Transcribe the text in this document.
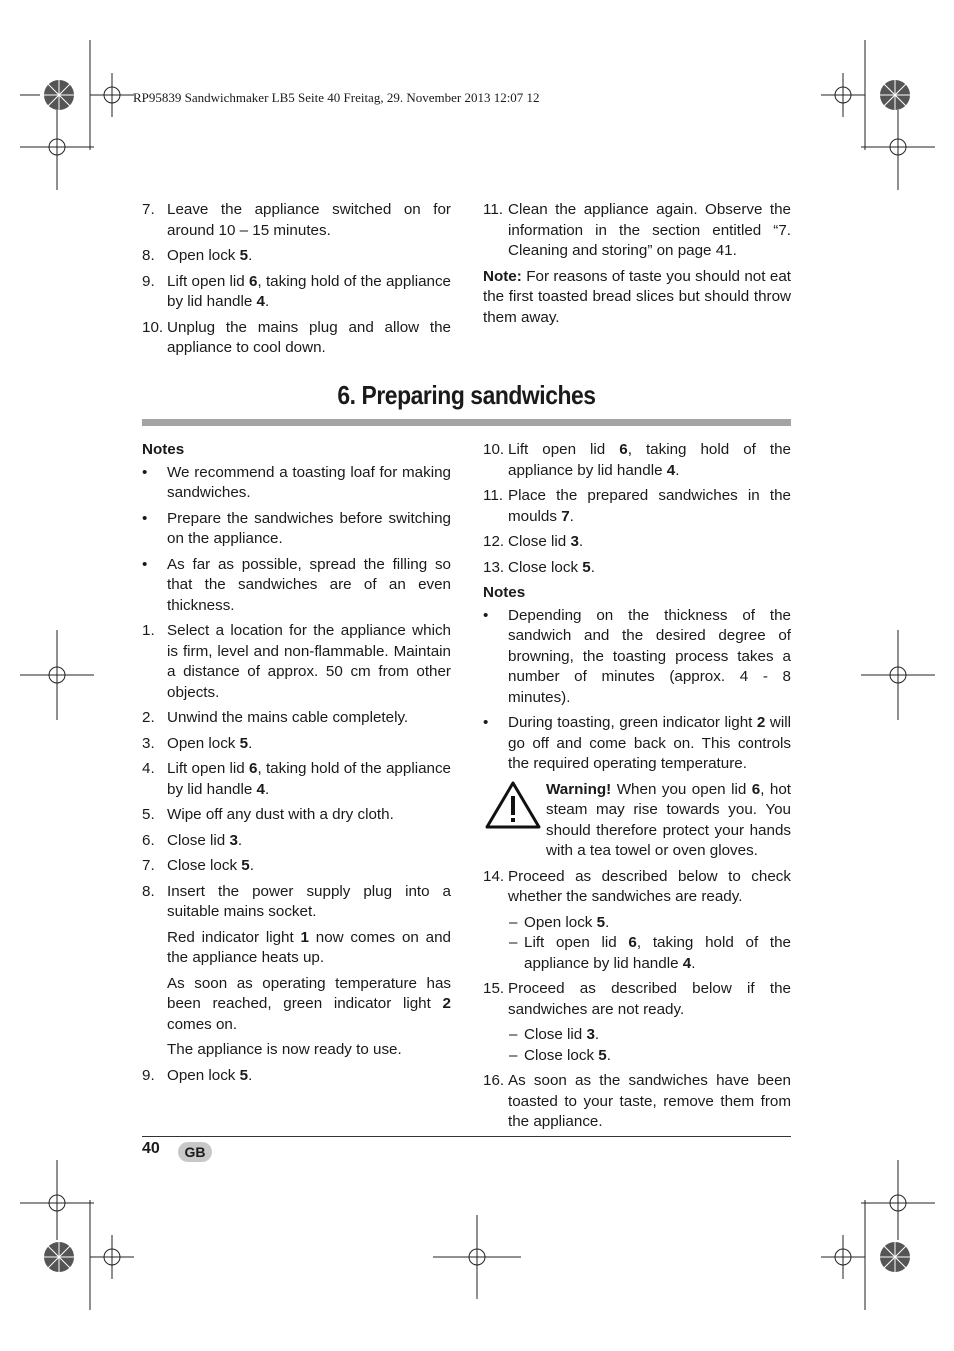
RP95839 Sandwichmaker LB5 Seite 40 Freitag, 29. November 2013 12:07 12
7. Leave the appliance switched on for around 10 – 15 minutes.
8. Open lock 5.
9. Lift open lid 6, taking hold of the appliance by lid handle 4.
10. Unplug the mains plug and allow the appliance to cool down.
11. Clean the appliance again. Observe the information in the section entitled “7. Cleaning and storing” on page 41.
Note: For reasons of taste you should not eat the first toasted bread slices but should throw them away.
6. Preparing sandwiches
Notes
• We recommend a toasting loaf for making sandwiches.
• Prepare the sandwiches before switching on the appliance.
• As far as possible, spread the filling so that the sandwiches are of an even thickness.
1. Select a location for the appliance which is firm, level and non-flammable. Maintain a distance of approx. 50 cm from other objects.
2. Unwind the mains cable completely.
3. Open lock 5.
4. Lift open lid 6, taking hold of the appliance by lid handle 4.
5. Wipe off any dust with a dry cloth.
6. Close lid 3.
7. Close lock 5.
8. Insert the power supply plug into a suitable mains socket.
Red indicator light 1 now comes on and the appliance heats up.
As soon as operating temperature has been reached, green indicator light 2 comes on.
The appliance is now ready to use.
9. Open lock 5.
10. Lift open lid 6, taking hold of the appliance by lid handle 4.
11. Place the prepared sandwiches in the moulds 7.
12. Close lid 3.
13. Close lock 5.
Notes
• Depending on the thickness of the sandwich and the desired degree of browning, the toasting process takes a number of minutes (approx. 4 - 8 minutes).
• During toasting, green indicator light 2 will go off and come back on. This controls the required operating temperature.
Warning! When you open lid 6, hot steam may rise towards you. You should therefore protect your hands with a tea towel or oven gloves.
14. Proceed as described below to check whether the sandwiches are ready.
– Open lock 5.
– Lift open lid 6, taking hold of the appliance by lid handle 4.
15. Proceed as described below if the sandwiches are not ready.
– Close lid 3.
– Close lock 5.
16. As soon as the sandwiches have been toasted to your taste, remove them from the appliance.
40	GB
